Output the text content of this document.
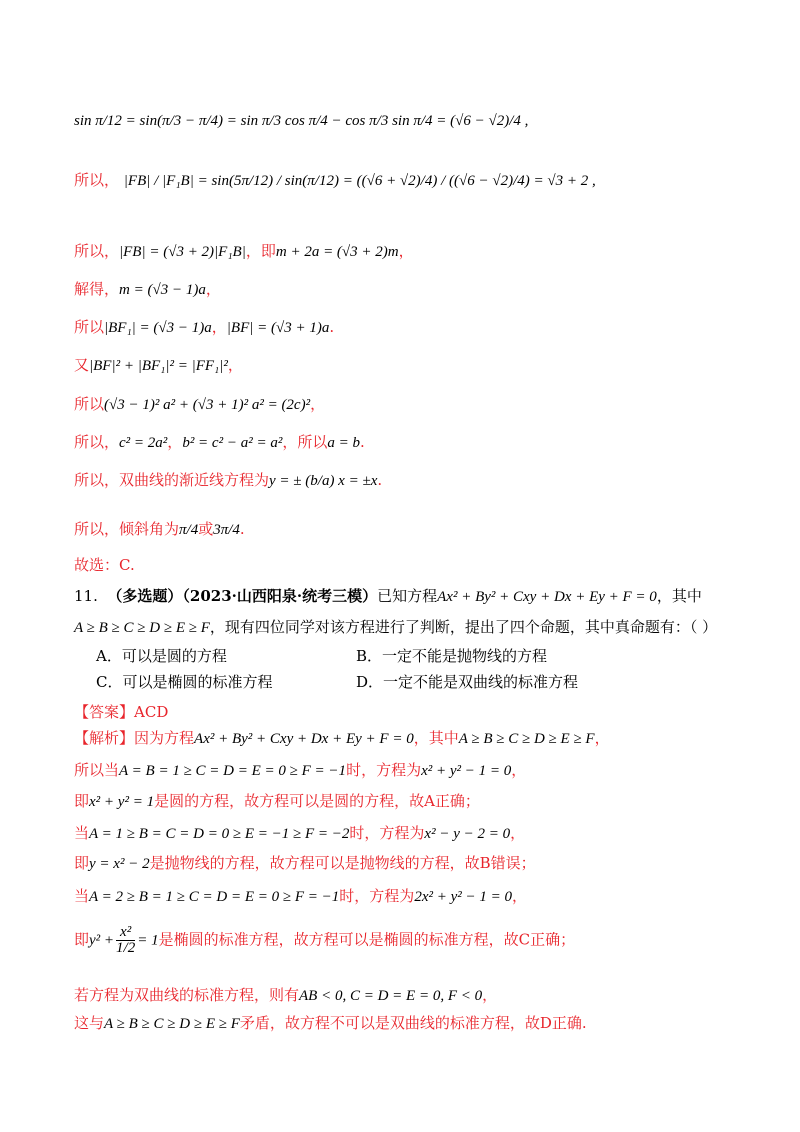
sin π/12 = sin(π/3 − π/4) = sin π/3 cos π/4 − cos π/3 sin π/4 = (√6 − √2)/4 ,
所以， |FB| / |F₁B| = sin(5π/12) / sin(π/12) = ((√6 + √2)/4) / ((√6 − √2)/4) = √3 + 2 ,
所以，|FB| = (√3 + 2)|F₁B|，即m + 2a = (√3 + 2)m，
解得，m = (√3 − 1)a，
所以|BF₁| = (√3 − 1)a，|BF| = (√3 + 1)a.
又|BF|² + |BF₁|² = |FF₁|²，
所以(√3 − 1)² a² + (√3 + 1)² a² = (2c)²，
所以，c² = 2a²，b² = c² − a² = a²，所以a = b.
所以，双曲线的渐近线方程为y = ± (b/a) x = ±x.
所以，倾斜角为π/4或3π/4.
故选：C.
11. （多选题）（2023·山西阳泉·统考三模）已知方程Ax² + By² + Cxy + Dx + Ey + F = 0，其中
A ≥ B ≥ C ≥ D ≥ E ≥ F，现有四位同学对该方程进行了判断，提出了四个命题，其中真命题有：（ ）
A．可以是圆的方程	B．一定不能是抛物线的方程
C．可以是椭圆的标准方程	D．一定不能是双曲线的标准方程
【答案】ACD
【解析】因为方程Ax² + By² + Cxy + Dx + Ey + F = 0，其中A ≥ B ≥ C ≥ D ≥ E ≥ F，
所以当A = B = 1 ≥ C = D = E = 0 ≥ F = −1时，方程为x² + y² − 1 = 0，
即x² + y² = 1是圆的方程，故方程可以是圆的方程，故A正确；
当A = 1 ≥ B = C = D = 0 ≥ E = −1 ≥ F = −2时，方程为x² − y − 2 = 0，
即y = x² − 2是抛物线的方程，故方程可以是抛物线的方程，故B错误；
当A = 2 ≥ B = 1 ≥ C = D = E = 0 ≥ F = −1时，方程为2x² + y² − 1 = 0，
即$y^2 + \frac{\text{x²}}{1/2} = 1$是椭圆的标准方程，故方程可以是椭圆的标准方程，故C正确；
若方程为双曲线的标准方程，则有AB < 0, C = D = E = 0, F < 0，
这与A ≥ B ≥ C ≥ D ≥ E ≥ F矛盾，故方程不可以是双曲线的标准方程，故D正确.
